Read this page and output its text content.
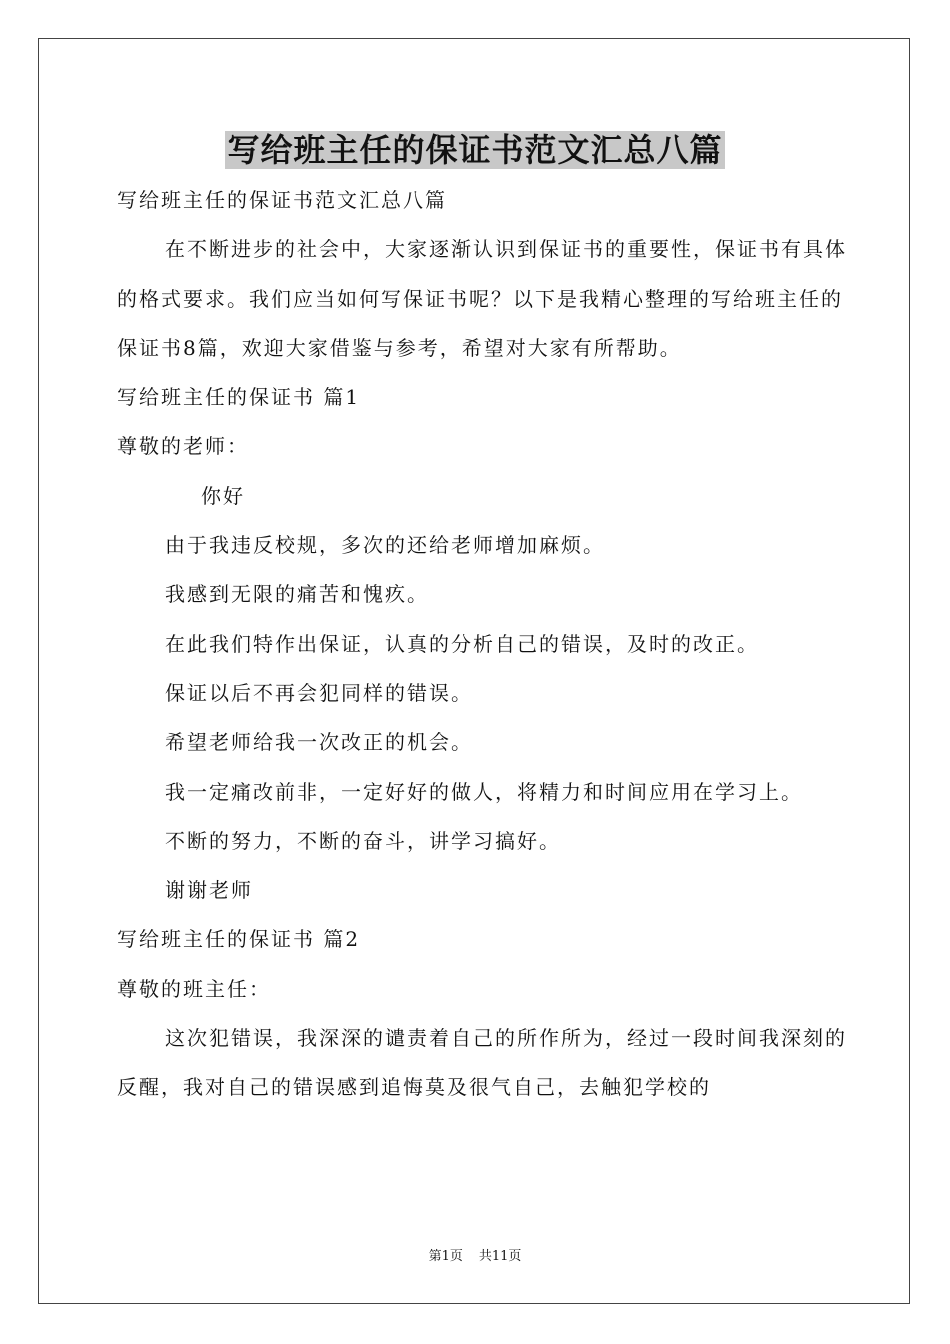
写给班主任的保证书范文汇总八篇

写给班主任的保证书范文汇总八篇

在不断进步的社会中，大家逐渐认识到保证书的重要性，保证书有具体的格式要求。我们应当如何写保证书呢？以下是我精心整理的写给班主任的保证书8篇，欢迎大家借鉴与参考，希望对大家有所帮助。

写给班主任的保证书 篇1

尊敬的老师：

你好

由于我违反校规，多次的还给老师增加麻烦。

我感到无限的痛苦和愧疚。

在此我们特作出保证，认真的分析自己的错误，及时的改正。

保证以后不再会犯同样的错误。

希望老师给我一次改正的机会。

我一定痛改前非，一定好好的做人，将精力和时间应用在学习上。

不断的努力，不断的奋斗，讲学习搞好。

谢谢老师

写给班主任的保证书 篇2

尊敬的班主任：

这次犯错误，我深深的谴责着自己的所作所为，经过一段时间我深刻的反醒，我对自己的错误感到追悔莫及很气自己，去触犯学校的

第1页 共11页
